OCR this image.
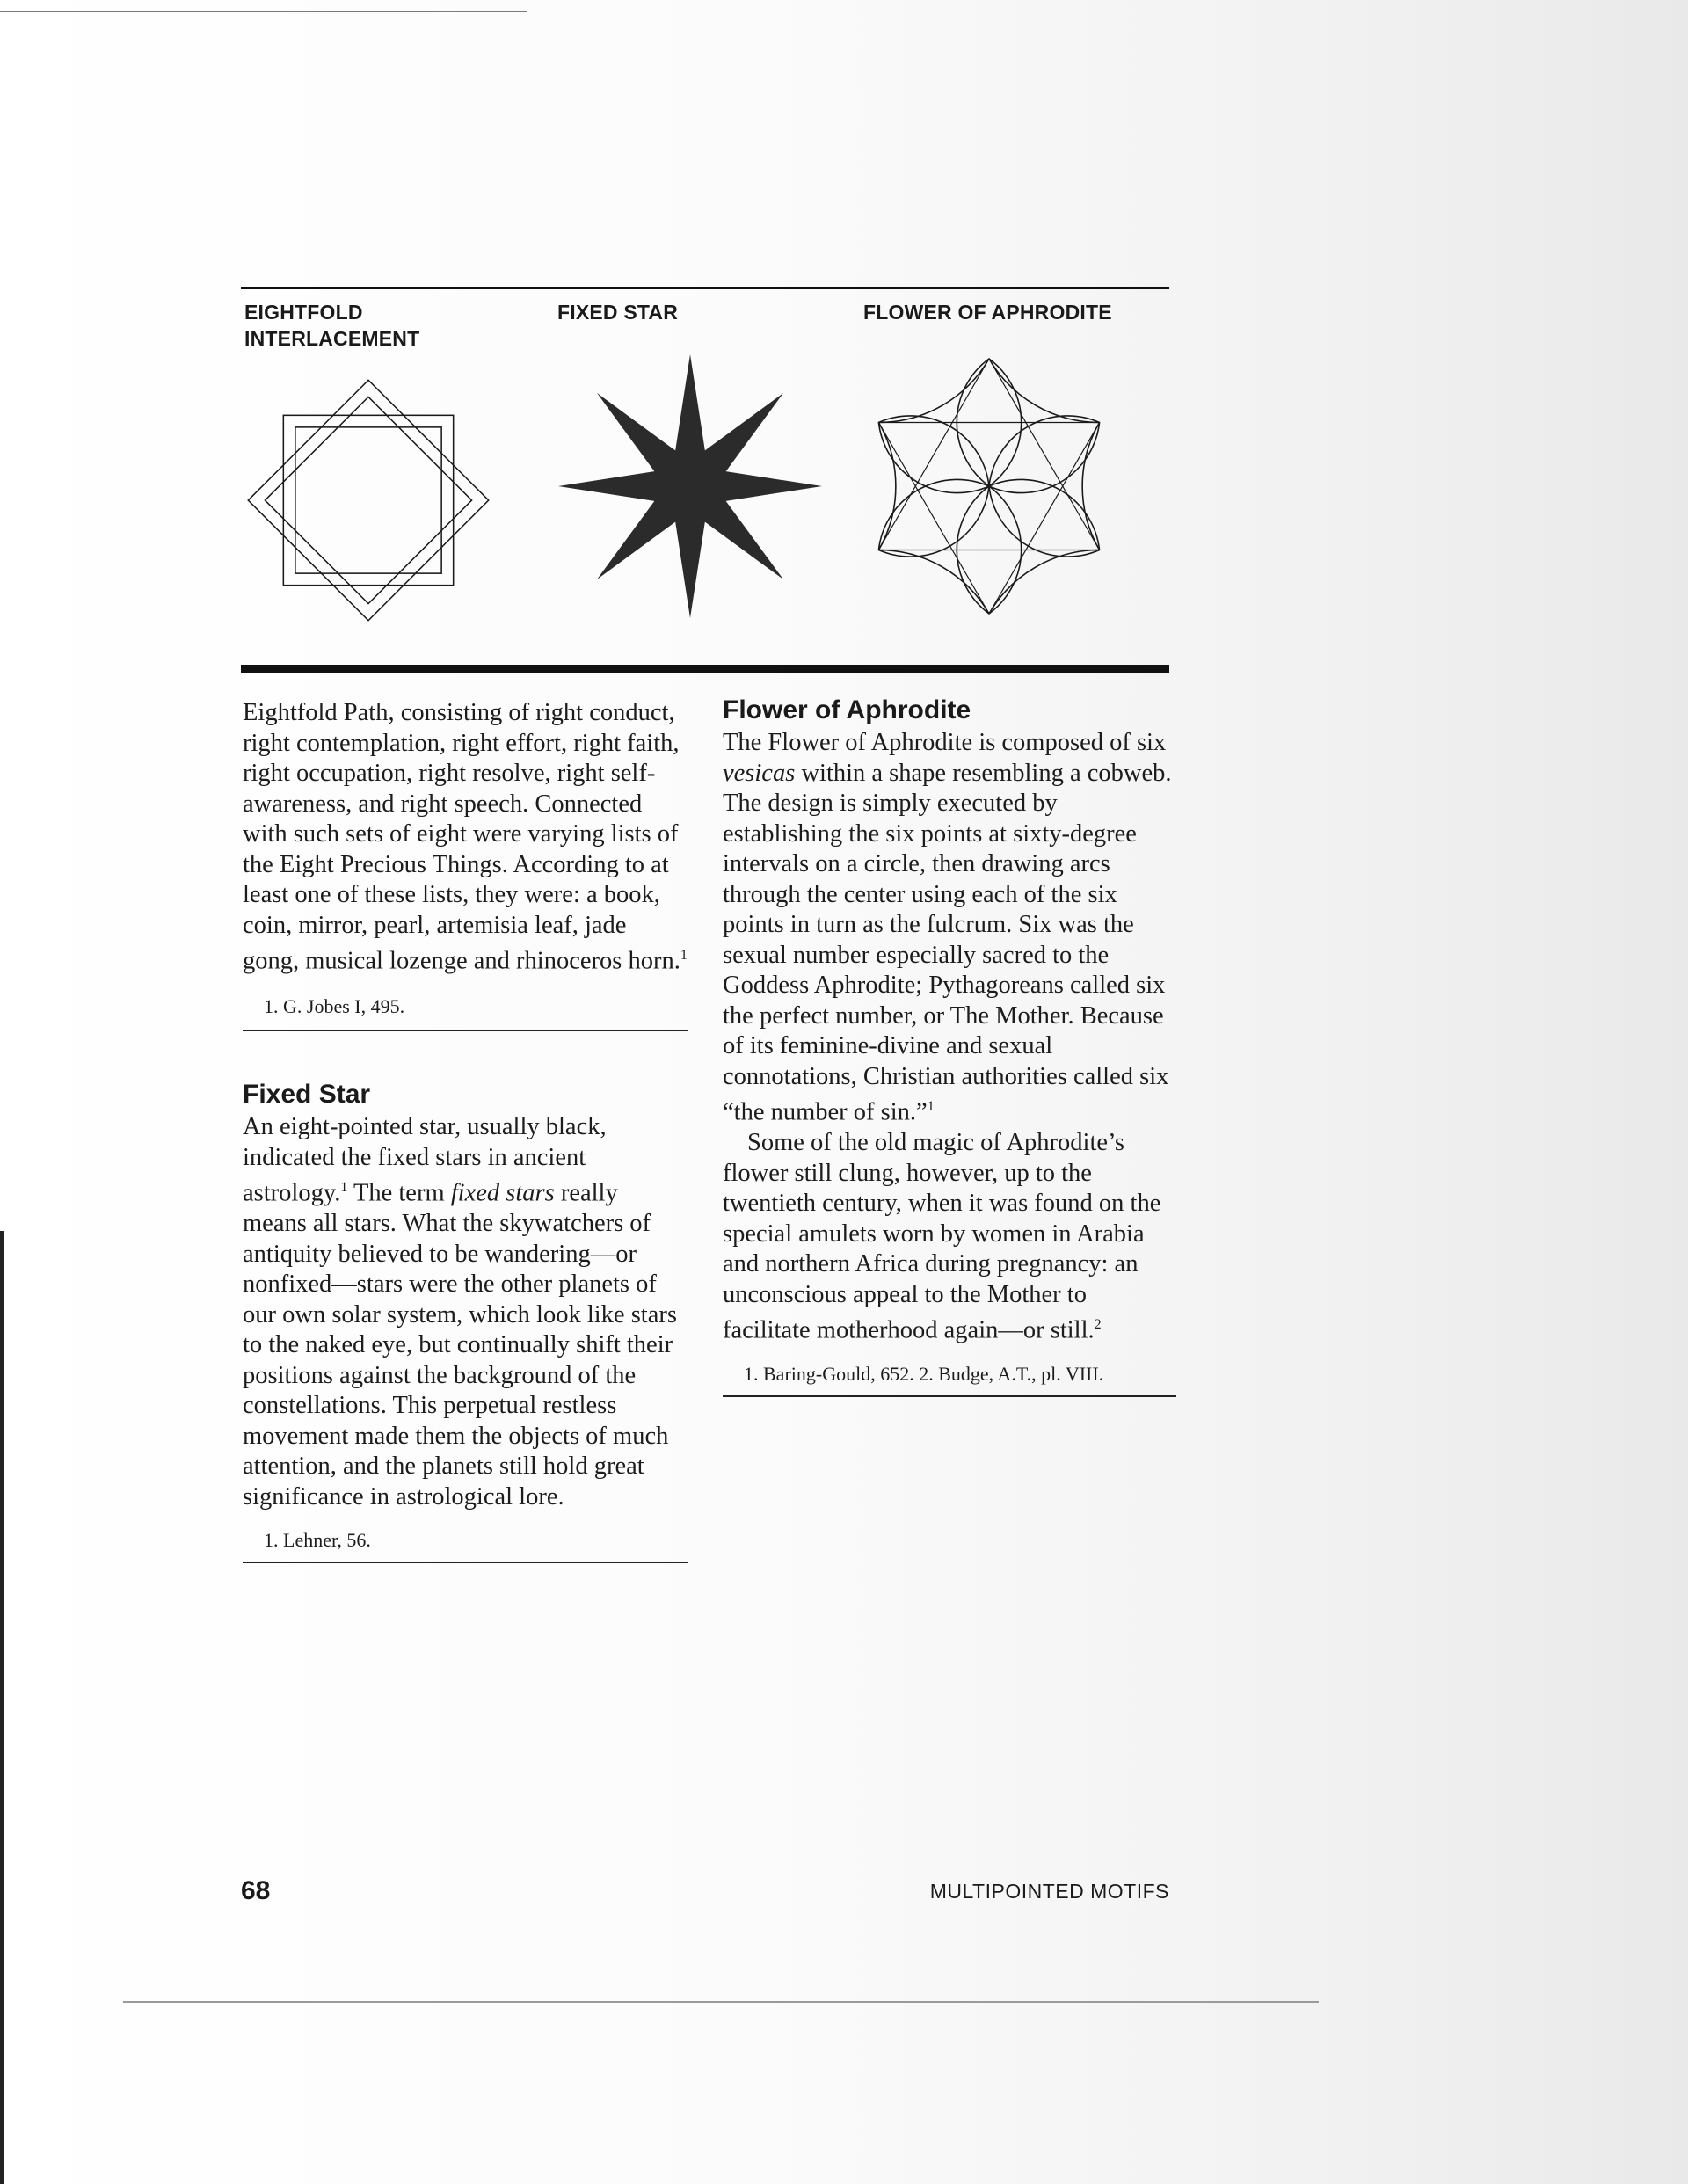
EIGHTFOLD INTERLACEMENT
FIXED STAR	FLOWER OF APHRODITE

Eightfold Path, consisting of right conduct, right contemplation, right effort, right faith, right occupation, right resolve, right self-awareness, and right speech. Connected with such sets of eight were varying lists of the Eight Precious Things. According to at least one of these lists, they were: a book, coin, mirror, pearl, artemisia leaf, jade gong, musical lozenge and rhinoceros horn.$^1$

1. G. Jobes I, 495.

Fixed Star

An eight-pointed star, usually black, indicated the fixed stars in ancient astrology.$^1$ The term fixed stars really means all stars. What the skywatchers of antiquity believed to be wandering—or nonfixed—stars were the other planets of our own solar system, which look like stars to the naked eye, but continually shift their positions against the background of the constellations. This perpetual restless movement made them the objects of much attention, and the planets still hold great significance in astrological lore.

1. Lehner, 56.

Flower of Aphrodite

The Flower of Aphrodite is composed of six vesicas within a shape resembling a cobweb. The design is simply executed by establishing the six points at sixty-degree intervals on a circle, then drawing arcs through the center using each of the six points in turn as the fulcrum. Six was the sexual number especially sacred to the Goddess Aphrodite; Pythagoreans called six the perfect number, or The Mother. Because of its feminine-divine and sexual connotations, Christian authorities called six “the number of sin.”$^1$

Some of the old magic of Aphrodite’s flower still clung, however, up to the twentieth century, when it was found on the special amulets worn by women in Arabia and northern Africa during pregnancy: an unconscious appeal to the Mother to facilitate motherhood again—or still.$^2$

1. Baring-Gould, 652. 2. Budge, A.T., pl. VIII.

68	MULTIPOINTED MOTIFS
